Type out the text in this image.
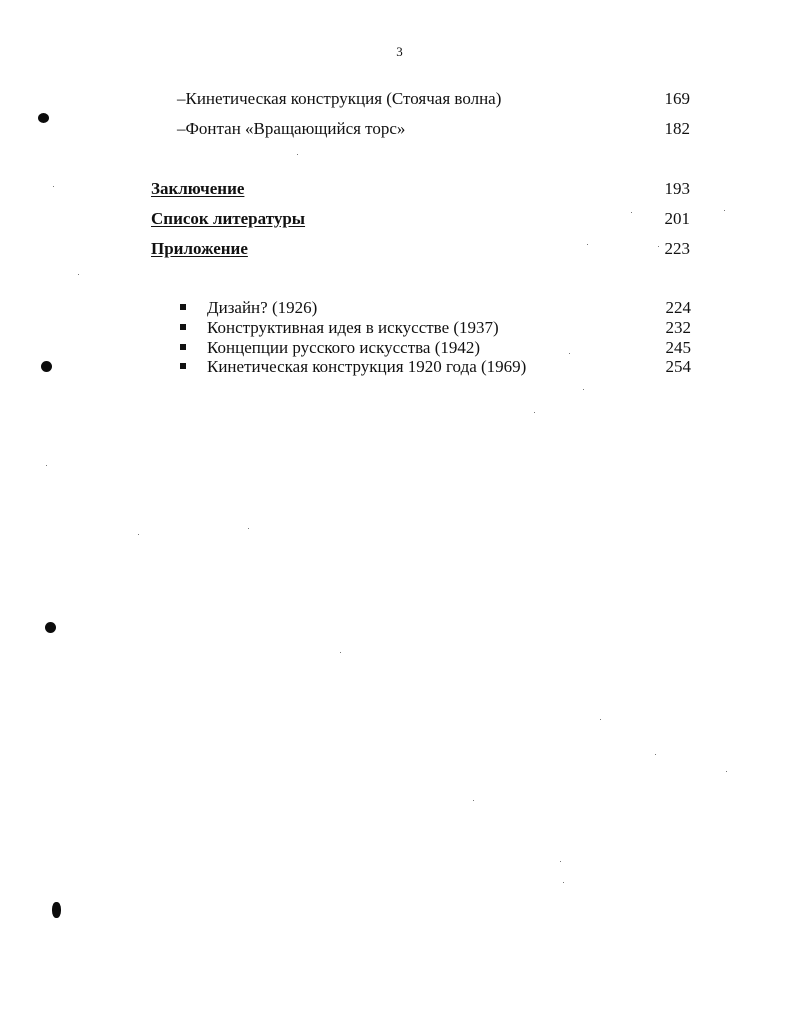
3
–Кинетическая конструкция (Стоячая волна)	169
–Фонтан «Вращающийся торс»	182
Заключение	193
Список литературы	201
Приложение	223
Дизайн? (1926)	224
Конструктивная идея в искусстве (1937)	232
Концепции русского искусства (1942)	245
Кинетическая конструкция 1920 года (1969)	254
